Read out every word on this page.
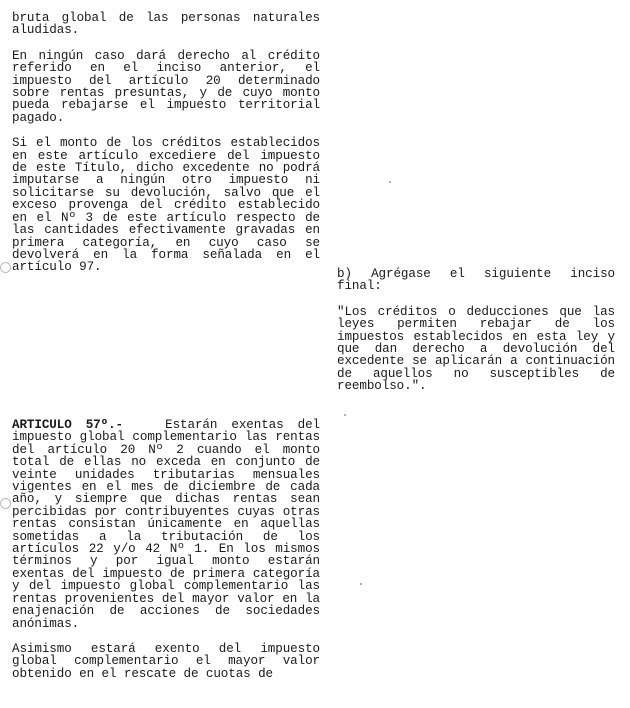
bruta global de las personas naturales aludidas.

En ningún caso dará derecho al crédito referido en el inciso anterior, el impuesto del artículo 20 determinado sobre rentas presuntas, y de cuyo monto pueda rebajarse el impuesto territorial pagado.

Si el monto de los créditos establecidos en este artículo excediere del impuesto de este Título, dicho excedente no podrá imputarse a ningún otro impuesto ni solicitarse su devolución, salvo que el exceso provenga del crédito establecido en el Nº 3 de este artículo respecto de las cantidades efectivamente gravadas en primera categoría, en cuyo caso se devolverá en la forma señalada en el artículo 97.	b) Agrégase el siguiente inciso final:

"Los créditos o deducciones que las leyes permiten rebajar de los impuestos establecidos en esta ley y que dan derecho a devolución del excedente se aplicarán a continuación de aquellos no susceptibles de reembolso.".

ARTICULO 57º.-	Estarán exentas del impuesto global complementario las rentas del artículo 20 Nº 2 cuando el monto total de ellas no exceda en conjunto de veinte unidades tributarias mensuales vigentes en el mes de diciembre de cada año, y siempre que dichas rentas sean percibidas por contribuyentes cuyas otras rentas consistan únicamente en aquellas sometidas a la tributación de los artículos 22 y/o 42 Nº 1. En los mismos términos y por igual monto estarán exentas del impuesto de primera categoría y del impuesto global complementario las rentas provenientes del mayor valor en la enajenación de acciones de sociedades anónimas.

Asimismo estará exento del impuesto global complementario el mayor valor obtenido en el rescate de cuotas de
